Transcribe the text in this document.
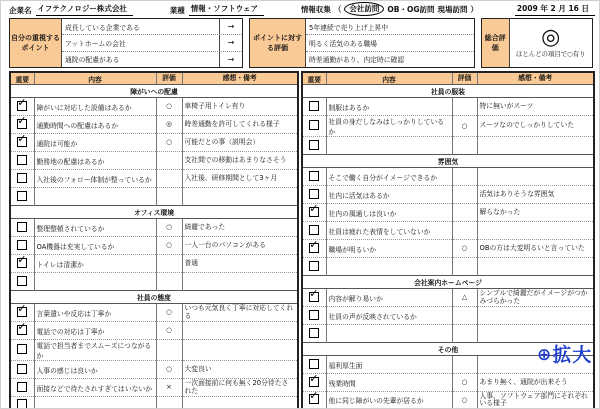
企業名 イフテクノロジー株式会社	業種 情報・ソフトウェア	情報収集 （	会社訪問	OB・OG訪問 現場訪問 ）	2009 年 2 月 16 日
自分の重視するポイント
成長している企業である	→
アットホームの会社	→
通院の配慮がある	→
ポイントに対する評価
5年連続で売り上げ上昇中
明るく活気のある職場
時差通勤があり、内定時に確認
総合評価	◎
ほとんどの項目で○有り
重要	内容	評価	感想・備考
障がいへの配慮			
✓	障がいに対応した設備はあるか	○	車椅子用トイレ有り
✓	通勤時間への配慮はあるか	◎	時差通勤を許可してくれる様子
✓	通院は可能か	○	可能だとの事（説明会）
	勤務地の配慮はあるか		支社間での移動はあまりなさそう
	入社後のフォロー体制が整っているか		入社後、研修期間として3ヶ月

オフィス環境			
	整理整頓されているか	○	綺麗であった
	OA機器は充実しているか	○	一人一台のパソコンがある
✓	トイレは清潔か		普通

社員の態度			
✓	言葉遣いや反応は丁寧か	○	いつも元気良く丁寧に対応してくれる
✓	電話での対応は丁寧か	○	
	電話で担当者までスムーズにつながるか		
	人事の感じは良いか	○	大変良い
	面接などで待たされすぎてはいないか	×	一次面接前に何も無く20分待たされた

重要	内容	評価	感想・備考
社員の服装			
	制服はあるか		特に無いがスーツ
	社員の身だしなみはしっかりしているか	○	スーツなのでしっかりしていた

雰囲気			
	そこで働く自分がイメージできるか		
	社内に活気はあるか		活気はありそうな雰囲気
✓	社内の風通しは良いか		解らなかった
	社員は疲れた表情をしていないか		
✓	職場が明るいか	○	OBの方は大変明るいと言っていた

会社案内ホームページ			
✓	内容が解り易いか	△	シンプルで綺麗だがイメージがつかみづらかった
	社員の声が反映されているか		

その他			
	福利厚生面		
✓	残業時間	○	あまり無く、通院が出来そう
✓	他に同じ障がいの先輩が居るか	○	人事、ソフトウェア部門にそれぞれいる様子
⊕ 拡大
